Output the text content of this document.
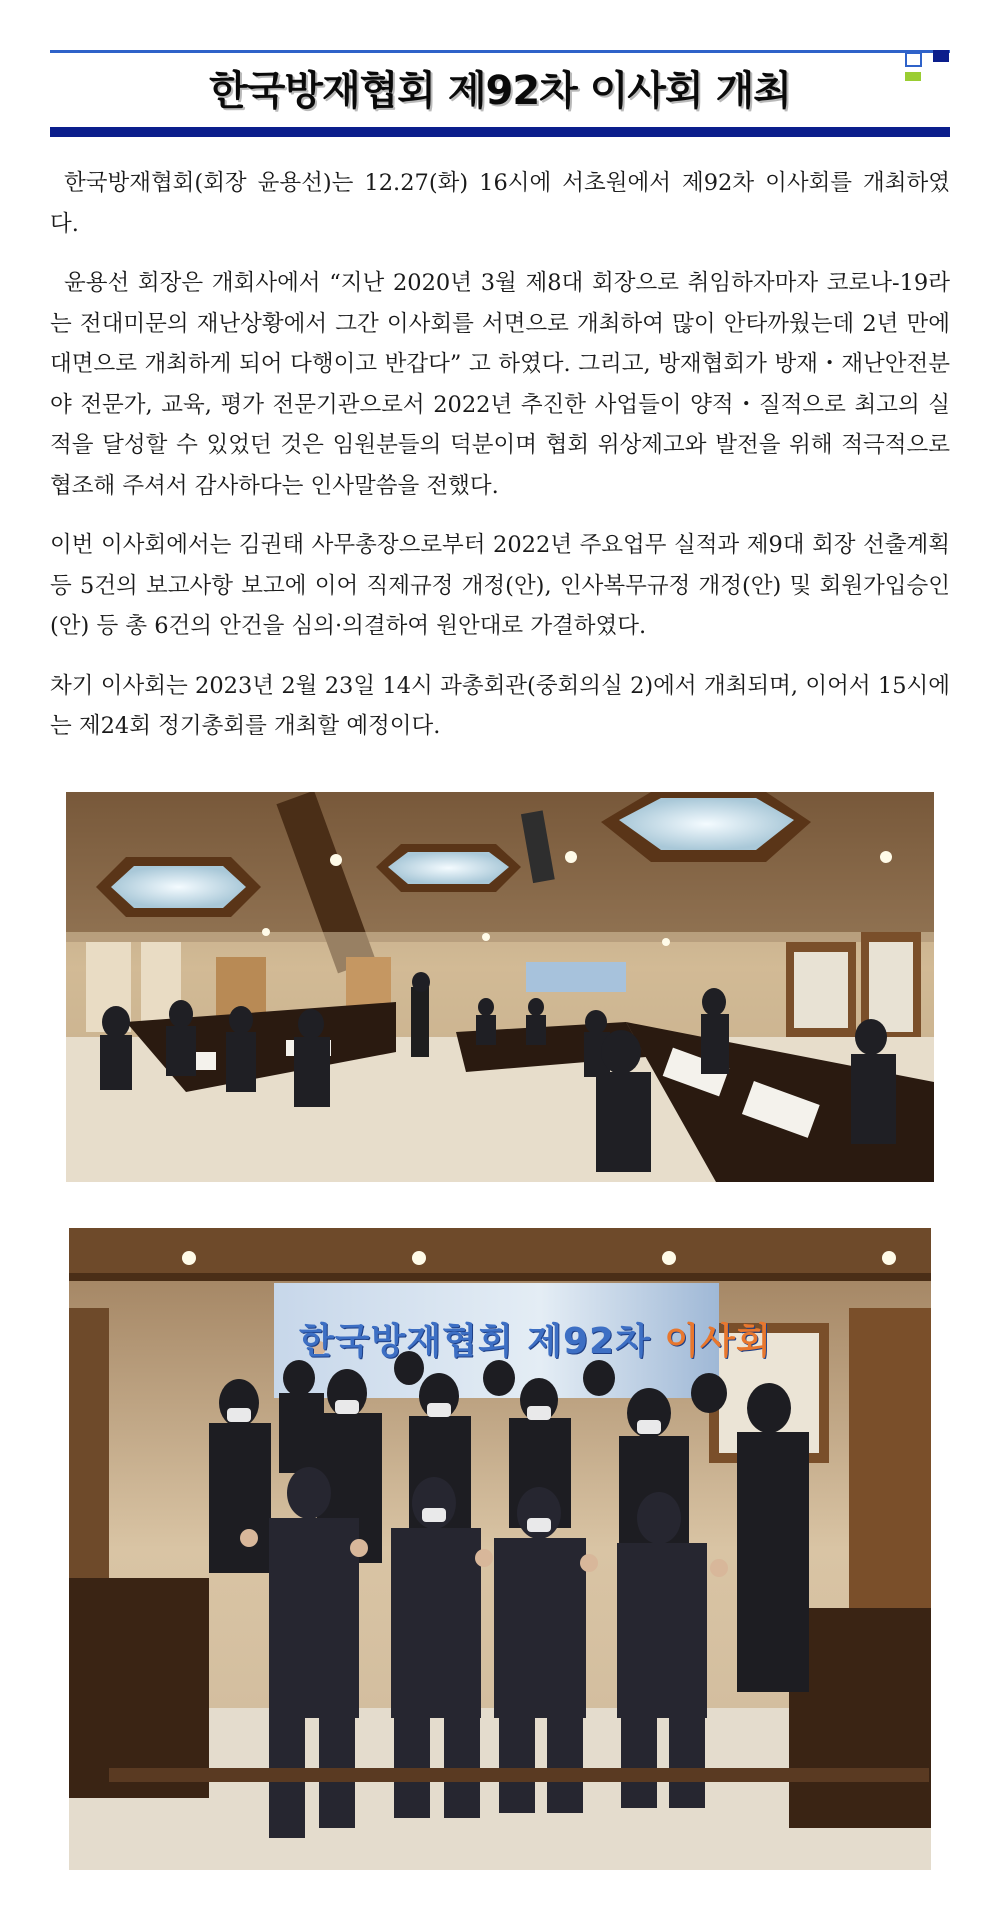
한국방재협회 제92차 이사회 개최

한국방재협회(회장 윤용선)는 12.27(화) 16시에 서초원에서 제92차 이사회를 개최하였다.

윤용선 회장은 개회사에서 “지난 2020년 3월 제8대 회장으로 취임하자마자 코로나-19라는 전대미문의 재난상황에서 그간 이사회를 서면으로 개최하여 많이 안타까웠는데 2년 만에 대면으로 개최하게 되어 다행이고 반갑다” 고 하였다. 그리고, 방재협회가 방재・재난안전분야 전문가, 교육, 평가 전문기관으로서 2022년 추진한 사업들이 양적・질적으로 최고의 실적을 달성할 수 있었던 것은 임원분들의 덕분이며 협회 위상제고와 발전을 위해 적극적으로 협조해 주셔서 감사하다는 인사말씀을 전했다.

이번 이사회에서는 김권태 사무총장으로부터 2022년 주요업무 실적과 제9대 회장 선출계획 등 5건의 보고사항 보고에 이어 직제규정 개정(안), 인사복무규정 개정(안) 및 회원가입승인(안) 등 총 6건의 안건을 심의·의결하여 원안대로 가결하였다.

차기 이사회는 2023년 2월 23일 14시 과총회관(중회의실 2)에서 개최되며, 이어서 15시에는 제24회 정기총회를 개최할 예정이다.

한국방재협회 제92차 이사회
